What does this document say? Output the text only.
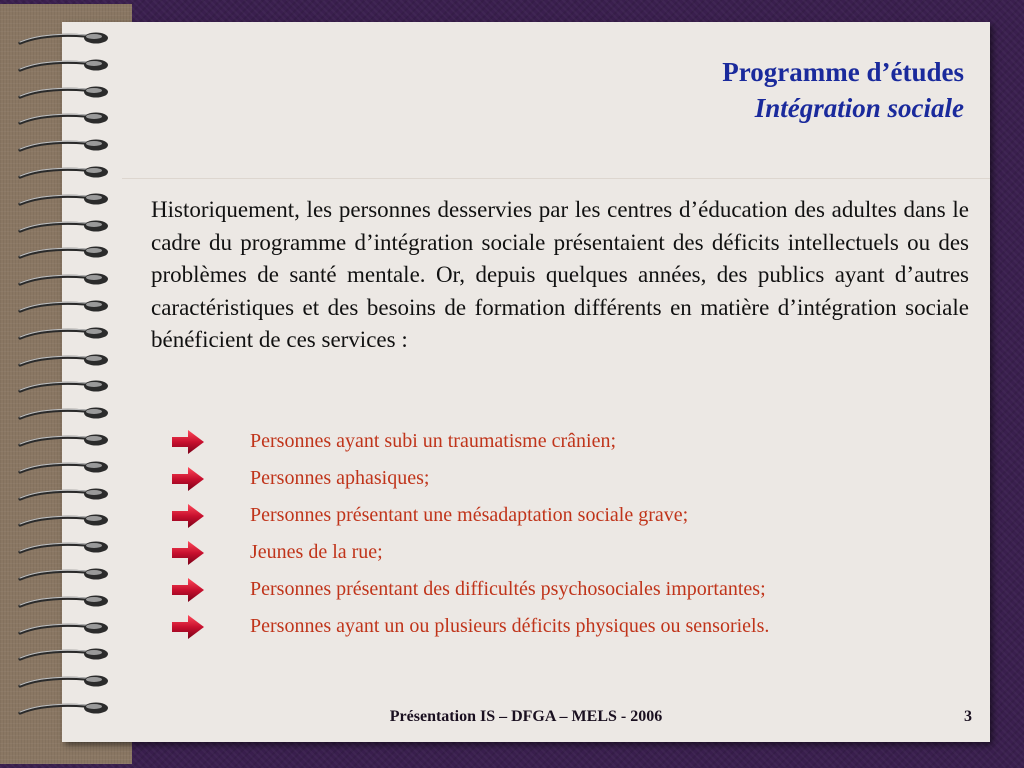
Programme d’études
Intégration sociale
Historiquement, les personnes desservies par les centres d’éducation des adultes dans le cadre du programme d’intégration sociale présentaient des déficits intellectuels ou des problèmes de santé mentale. Or, depuis quelques années, des publics ayant d’autres caractéristiques et des besoins de formation différents en matière d’intégration sociale bénéficient de ces services :
Personnes ayant subi un traumatisme crânien;
Personnes aphasiques;
Personnes présentant une mésadaptation sociale grave;
Jeunes de la rue;
Personnes présentant des difficultés psychosociales importantes;
Personnes ayant un ou plusieurs déficits physiques ou sensoriels.
Présentation IS – DFGA – MELS - 2006	3
